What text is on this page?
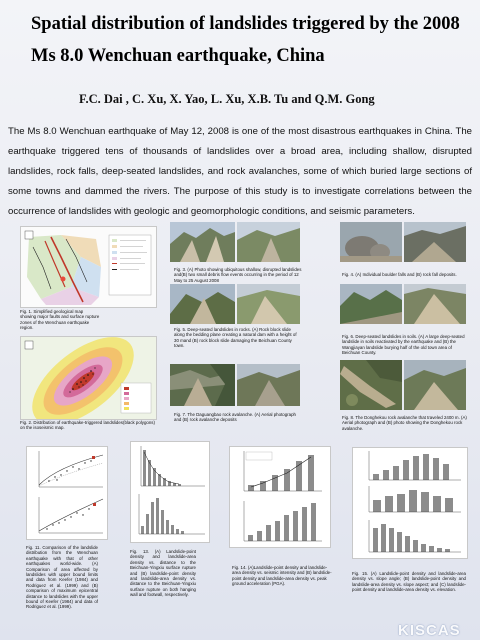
Spatial distribution of landslides triggered by the 2008
Ms 8.0 Wenchuan earthquake, China
F.C. Dai , C. Xu, X. Yao, L. Xu, X.B. Tu and Q.M. Gong
The Ms 8.0 Wenchuan earthquake of May 12, 2008 is one of the most disastrous earthquakes in China. The earthquake triggered tens of thousands of landslides over a broad area, including shallow, disrupted landslides, rock falls, deep-seated landslides, and rock avalanches, some of which buried large sections of some towns and dammed the rivers. The purpose of this study is to investigate correlations between the occurrence of landslides with geologic and geomorphologic conditions, and seismic parameters.
Fig. 1. Simplified geological map showing major faults and surface rupture zones of the Wenchuan earthquake region.
Fig. 2. Distribution of earthquake-triggered landslides(black polygons) on the isoseismic map.
Fig. 3. (A) Photo showing ubiquitous shallow, disrupted landslides and(B) two small debris flow events occurring in the period of 12 May to 25 August 2008
Fig. 4. (A) Individual boulder falls and (B) rock fall deposits.
Fig. 5. Deep-seated landslides in rocks. (A) Rock block slide along the bedding plane creating a natural dam with a height of 30 mand (B) rock block slide damaging the Beichuan County town.
Fig. 6. Deep-seated landslides in soils. (A) A large deep-seated landslide in soils reactivated by the earthquake and (B) the Wangjiayan landslide burying half of the old town area of Beichuan County.
Fig. 7. The Daguangbao rock avalanche. (A) Aerial photograph and (B) rock avalanche deposits	Fig. 8. The Donghekou rock avalanche that traveled 2400 m. (A) Aerial photograph and (B) photo showing the Donghekou rock avalanche.
Fig. 11. Comparison of the landslide distribution from the Wenchuan earthquake with that of other earthquakes world-wide. (A) Comparison of area affected by landslides with upper bound limits and data from Keefer (1984) and Rodriguez et al. (1999) and (B) comparison of maximum epicentral distance to landslides with the upper bound of Keefer (1984) and data of Rodriguez et al. (1999).
Fig. 13. (A) Landslide-point density and landslide-area density vs. distance to the Beichuan-Yingxiu surface rupture and (B) landslide-point density and landslide-area density vs. distance to the Beichuan-Yingxiu surface rupture on both hanging wall and footwall, respectively.
Fig. 14. (A)Landslide-point density and landslide-area density vs. seismic intensity and (B) landslide-point density and landslide-area density vs. peak ground acceleration (PGA).
Fig. 15. (A) Landslide-point density and landslide-area density vs. slope angle; (B) landslide-point density and landslide-area density vs. slope aspect; and (C) landslide-point density and landslide-area density vs. elevation.
KISCAS
